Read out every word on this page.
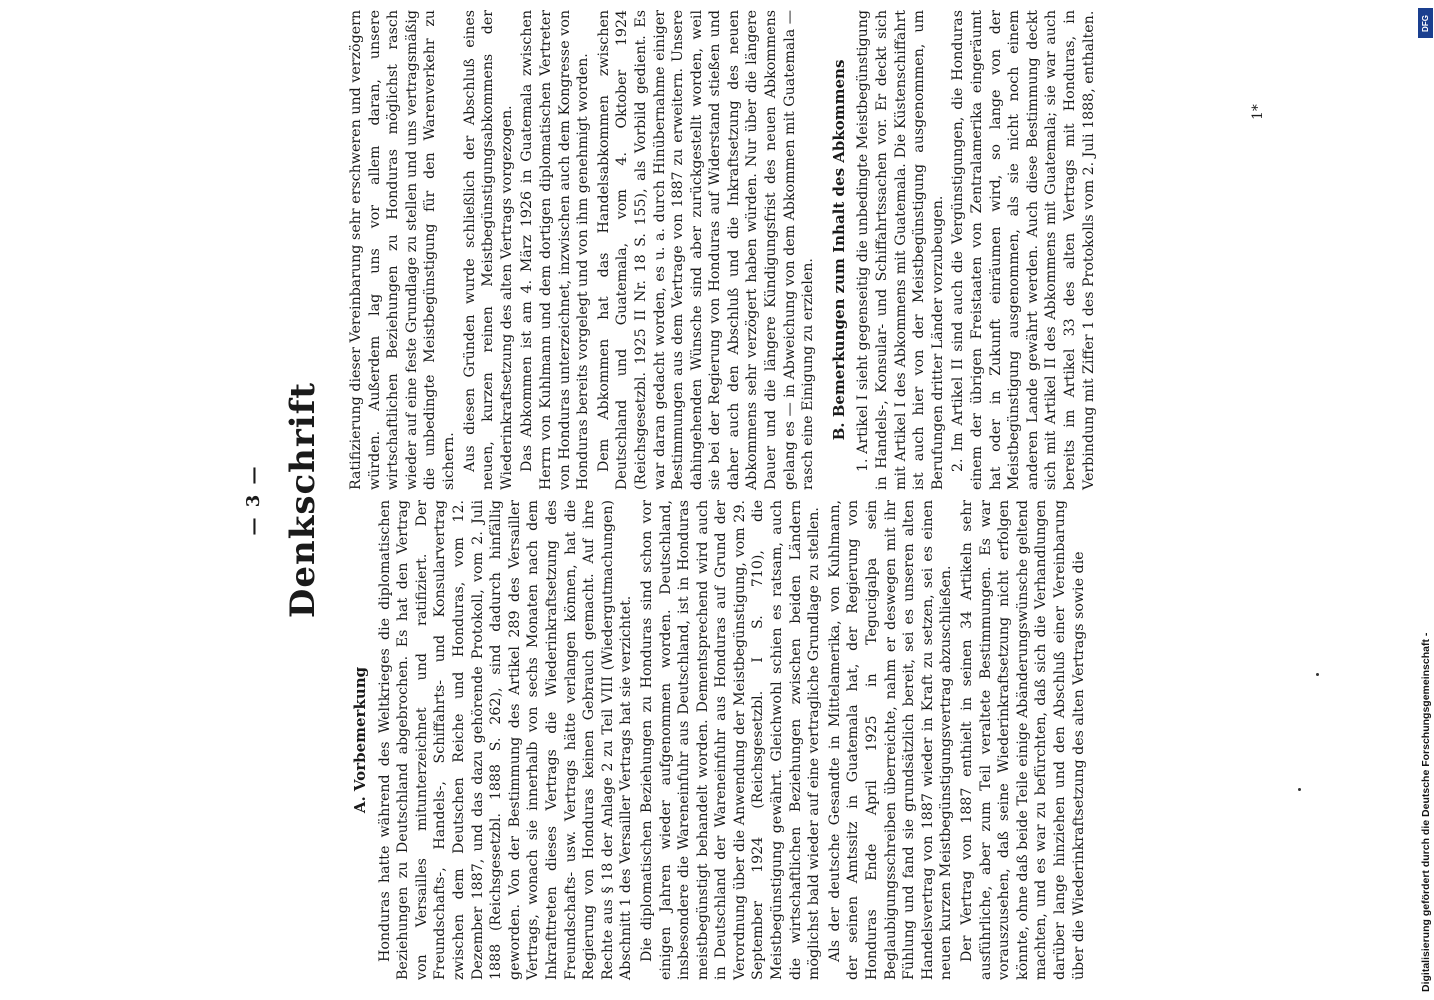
— 3 — Denkschrift
A. Vorbemerkung Honduras hatte während des Weltkrieges die diplomatischen Beziehungen zu Deutschland abgebrochen. Es hat den Vertrag von Versailles mitunterzeichnet und ratifiziert. Der Freundschafts-, Handels-, Schiffahrts- und Konsularvertrag zwischen dem Deutschen Reiche und Honduras, vom 12. Dezember 1887, und das dazu gehörende Protokoll, vom 2. Juli 1888 (Reichsgesetzbl. 1888 S. 262), sind dadurch hinfällig geworden. Von der Bestimmung des Artikel 289 des Versailler Vertrags, wonach sie innerhalb von sechs Monaten nach dem Inkrafttreten dieses Vertrags die Wiederinkraftsetzung des Freundschafts- usw. Vertrags hätte verlangen können, hat die Regierung von Honduras keinen Gebrauch gemacht. Auf ihre Rechte aus § 18 der Anlage 2 zu Teil VIII (Wiedergutmachungen) Abschnitt 1 des Versailler Vertrags hat sie verzichtet. Die diplomatischen Beziehungen zu Honduras sind schon vor einigen Jahren wieder aufgenommen worden. Deutschland, insbesondere die Wareneinfuhr aus Deutschland, ist in Honduras meistbegünstigt behandelt worden. Dementsprechend wird auch in Deutschland der Wareneinfuhr aus Honduras auf Grund der Verordnung über die Anwendung der Meistbegünstigung, vom 29. September 1924 (Reichsgesetzbl. I S. 710), die Meistbegünstigung gewährt. Gleichwohl schien es ratsam, auch die wirtschaftlichen Beziehungen zwischen beiden Ländern möglichst bald wieder auf eine vertragliche Grundlage zu stellen. Als der deutsche Gesandte in Mittelamerika, von Kuhlmann, der seinen Amtssitz in Guatemala hat, der Regierung von Honduras Ende April 1925 in Tegucigalpa sein Beglaubigungsschreiben überreichte, nahm er deswegen mit ihr Fühlung und fand sie grundsätzlich bereit, sei es unseren alten Handelsvertrag von 1887 wieder in Kraft zu setzen, sei es einen neuen kurzen Meistbegünstigungsvertrag abzuschließen. Der Vertrag von 1887 enthielt in seinen 34 Artikeln sehr ausführliche, aber zum Teil veraltete Bestimmungen. Es war vorauszusehen, daß seine Wiederinkraftsetzung nicht erfolgen könnte, ohne daß beide Teile einige Abänderungswünsche geltend machten, und es war zu befürchten, daß sich die Verhandlungen darüber lange hinziehen und den Abschluß einer Vereinbarung über die Wiederinkraftsetzung des alten Vertrags sowie die

Ratifizierung dieser Vereinbarung sehr erschweren und verzögern würden. Außerdem lag uns vor allem daran, unsere wirtschaftlichen Beziehungen zu Honduras möglichst rasch wieder auf eine feste Grundlage zu stellen und uns vertragsmäßig die unbedingte Meistbegünstigung für den Warenverkehr zu sichern. Aus diesen Gründen wurde schließlich der Abschluß eines neuen, kurzen reinen Meistbegünstigungsabkommens der Wiederinkraftsetzung des alten Vertrags vorgezogen. Das Abkommen ist am 4. März 1926 in Guatemala zwischen Herrn von Kuhlmann und dem dortigen diplomatischen Vertreter von Honduras unterzeichnet, inzwischen auch dem Kongresse von Honduras bereits vorgelegt und von ihm genehmigt worden. Dem Abkommen hat das Handelsabkommen zwischen Deutschland und Guatemala, vom 4. Oktober 1924 (Reichsgesetzbl. 1925 II Nr. 18 S. 155), als Vorbild gedient. Es war daran gedacht worden, es u. a. durch Hinübernahme einiger Bestimmungen aus dem Vertrage von 1887 zu erweitern. Unsere dahingehenden Wünsche sind aber zurückgestellt worden, weil sie bei der Regierung von Honduras auf Widerstand stießen und daher auch den Abschluß und die Inkraftsetzung des neuen Abkommens sehr verzögert haben würden. Nur über die längere Dauer und die längere Kündigungsfrist des neuen Abkommens gelang es — in Abweichung von dem Abkommen mit Guatemala — rasch eine Einigung zu erzielen. B. Bemerkungen zum Inhalt des Abkommens 1. Artikel I sieht gegenseitig die unbedingte Meistbegünstigung in Handels-, Konsular- und Schiffahrtssachen vor. Er deckt sich mit Artikel I des Abkommens mit Guatemala. Die Küstenschiffahrt ist auch hier von der Meistbegünstigung ausgenommen, um Berufungen dritter Länder vorzubeugen. 2. Im Artikel II sind auch die Vergünstigungen, die Honduras einem der übrigen Freistaaten von Zentralamerika eingeräumt hat oder in Zukunft einräumen wird, so lange von der Meistbegünstigung ausgenommen, als sie nicht noch einem anderen Lande gewährt werden. Auch diese Bestimmung deckt sich mit Artikel II des Abkommens mit Guatemala; sie war auch bereits im Artikel 33 des alten Vertrags mit Honduras, in Verbindung mit Ziffer 1 des Protokolls vom 2. Juli 1888, enthalten.	1*
DFG
Digitalisierung gefördert durch die Deutsche Forschungsgemeinschaft -
